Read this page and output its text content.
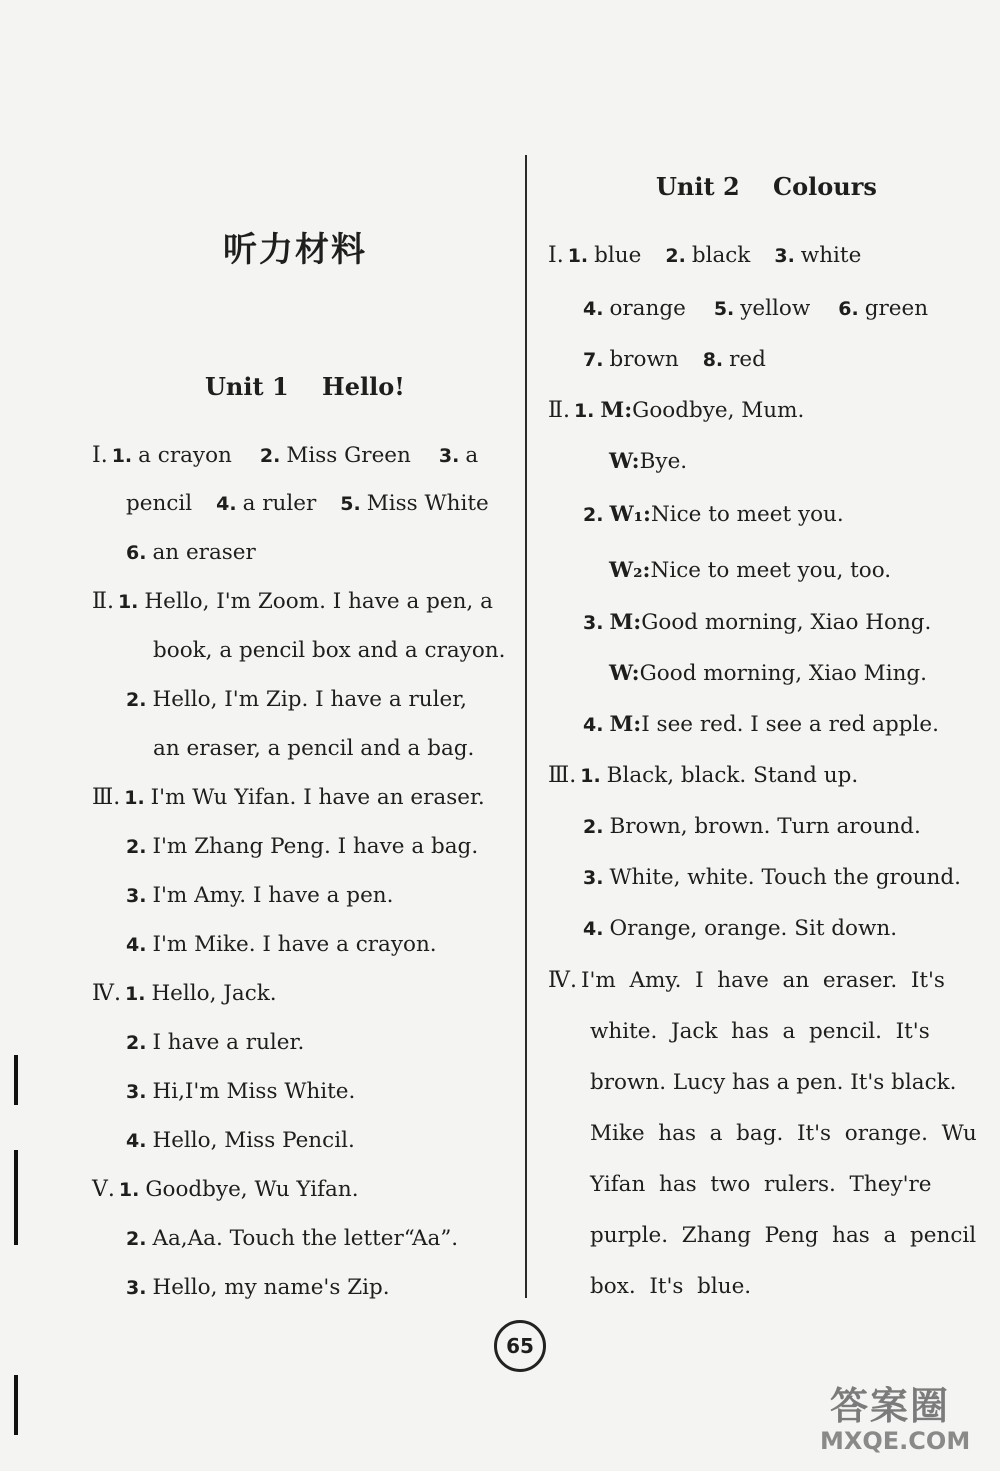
听力材料
Unit 1    Hello!
Ⅰ. 1. a crayon 2. Miss Green 3. a
pencil 4. a ruler 5. Miss White
6. an eraser
Ⅱ. 1. Hello, I'm Zoom. I have a pen, a
book, a pencil box and a crayon.
2. Hello, I'm Zip. I have a ruler,
an eraser, a pencil and a bag.
Ⅲ. 1. I'm Wu Yifan. I have an eraser.
2. I'm Zhang Peng. I have a bag.
3. I'm Amy. I have a pen.
4. I'm Mike. I have a crayon.
Ⅳ. 1. Hello, Jack.
2. I have a ruler.
3. Hi,I'm Miss White.
4. Hello, Miss Pencil.
Ⅴ. 1. Goodbye, Wu Yifan.
2. Aa,Aa. Touch the letter“Aa”.
3. Hello, my name's Zip.
Unit 2    Colours
Ⅰ. 1. blue 2. black 3. white
4. orange 5. yellow 6. green
7. brown 8. red
Ⅱ. 1. M:Goodbye, Mum.
W:Bye.
2. W₁:Nice to meet you.
W₂:Nice to meet you, too.
3. M:Good morning, Xiao Hong.
W:Good morning, Xiao Ming.
4. M:I see red. I see a red apple.
Ⅲ. 1. Black, black. Stand up.
2. Brown, brown. Turn around.
3. White, white. Touch the ground.
4. Orange, orange. Sit down.
Ⅳ. I'm  Amy.  I  have  an  eraser.  It's
white.  Jack  has  a  pencil.  It's
brown. Lucy has a pen. It's black.
Mike  has  a  bag.  It's  orange.  Wu
Yifan  has  two  rulers.  They're
purple.  Zhang  Peng  has  a  pencil
box.  It's  blue.
65
答案圈
MXQE.COM
